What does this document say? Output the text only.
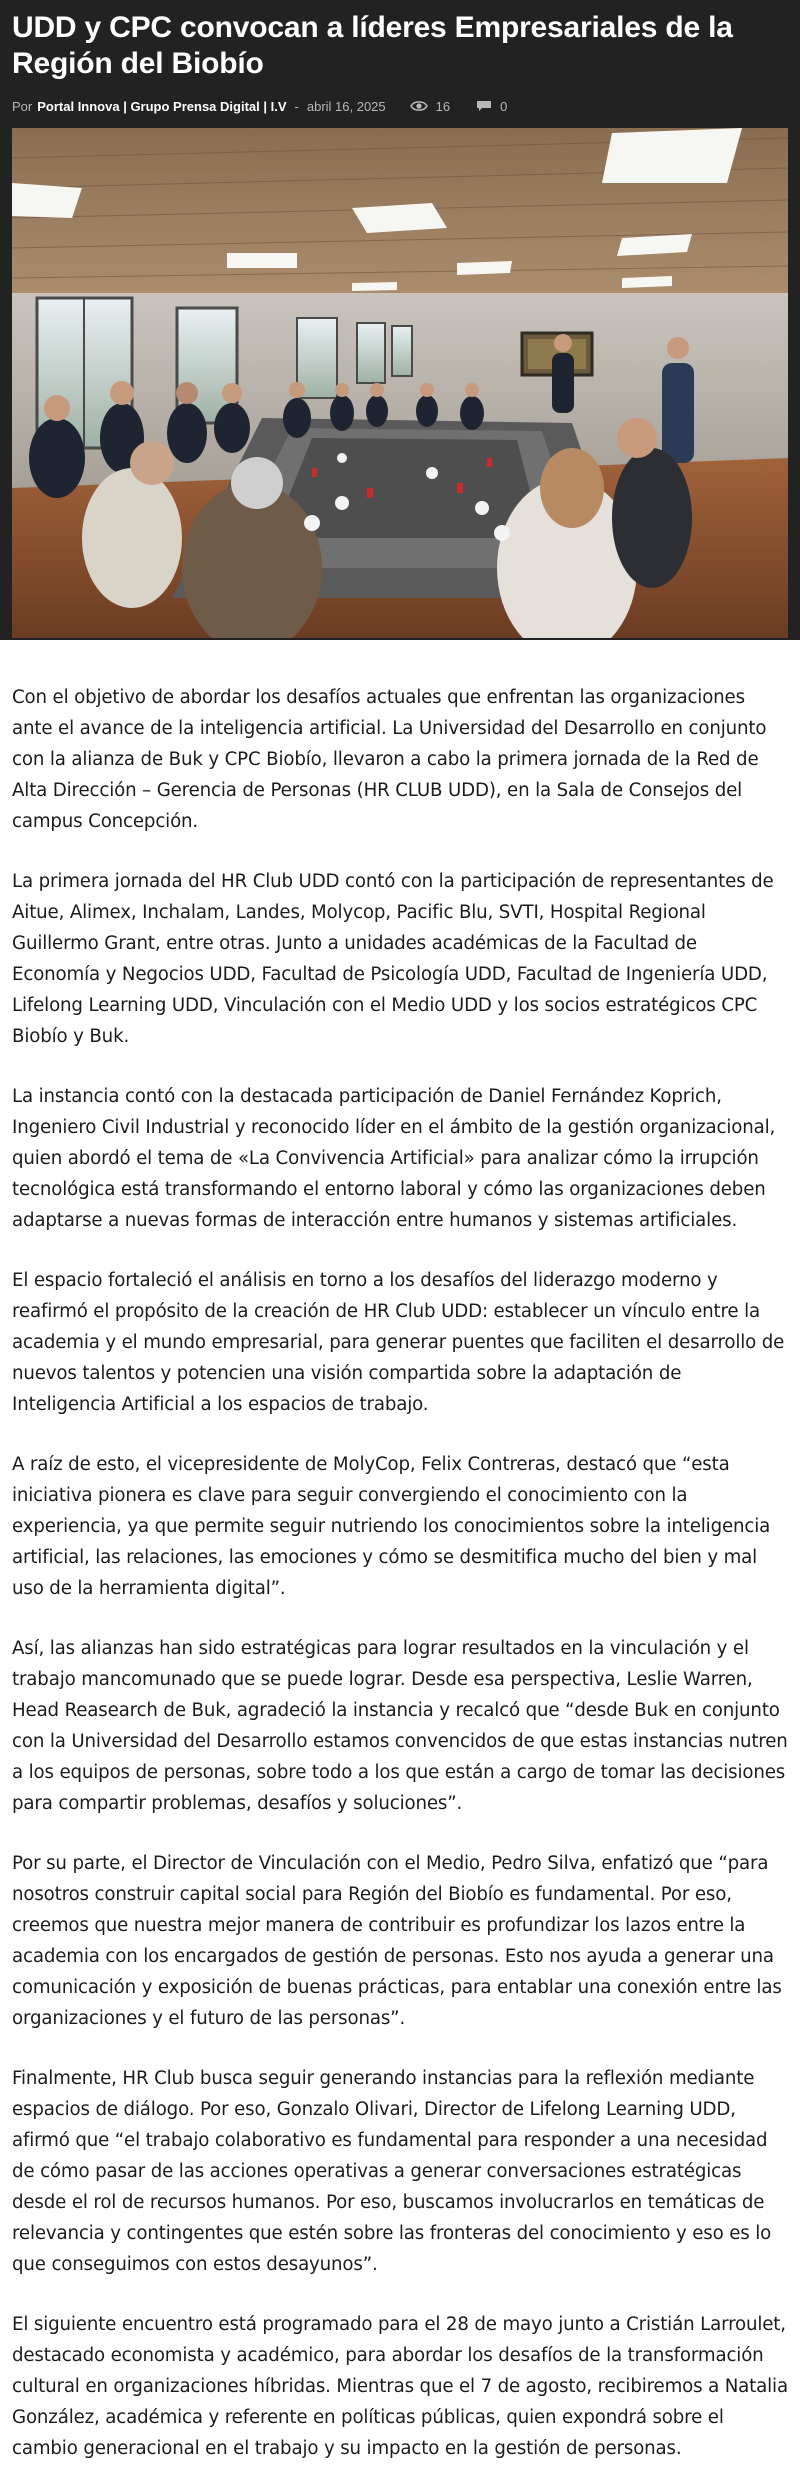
UDD y CPC convocan a líderes Empresariales de la Región del Biobío
Por Portal Innova | Grupo Prensa Digital | I.V - abril 16, 2025	16	0

Con el objetivo de abordar los desafíos actuales que enfrentan las organizaciones ante el avance de la inteligencia artificial. La Universidad del Desarrollo en conjunto con la alianza de Buk y CPC Biobío, llevaron a cabo la primera jornada de la Red de Alta Dirección – Gerencia de Personas (HR CLUB UDD), en la Sala de Consejos del campus Concepción.

La primera jornada del HR Club UDD contó con la participación de representantes de Aitue, Alimex, Inchalam, Landes, Molycop, Pacific Blu, SVTI, Hospital Regional Guillermo Grant, entre otras. Junto a unidades académicas de la Facultad de Economía y Negocios UDD, Facultad de Psicología UDD, Facultad de Ingeniería UDD, Lifelong Learning UDD, Vinculación con el Medio UDD y los socios estratégicos CPC Biobío y Buk.

La instancia contó con la destacada participación de Daniel Fernández Koprich, Ingeniero Civil Industrial y reconocido líder en el ámbito de la gestión organizacional, quien abordó el tema de «La Convivencia Artificial» para analizar cómo la irrupción tecnológica está transformando el entorno laboral y cómo las organizaciones deben adaptarse a nuevas formas de interacción entre humanos y sistemas artificiales.

El espacio fortaleció el análisis en torno a los desafíos del liderazgo moderno y reafirmó el propósito de la creación de HR Club UDD: establecer un vínculo entre la academia y el mundo empresarial, para generar puentes que faciliten el desarrollo de nuevos talentos y potencien una visión compartida sobre la adaptación de Inteligencia Artificial a los espacios de trabajo.

A raíz de esto, el vicepresidente de MolyCop, Felix Contreras, destacó que “esta iniciativa pionera es clave para seguir convergiendo el conocimiento con la experiencia, ya que permite seguir nutriendo los conocimientos sobre la inteligencia artificial, las relaciones, las emociones y cómo se desmitifica mucho del bien y mal uso de la herramienta digital”.

Así, las alianzas han sido estratégicas para lograr resultados en la vinculación y el trabajo mancomunado que se puede lograr. Desde esa perspectiva, Leslie Warren, Head Reasearch de Buk, agradeció la instancia y recalcó que “desde Buk en conjunto con la Universidad del Desarrollo estamos convencidos de que estas instancias nutren a los equipos de personas, sobre todo a los que están a cargo de tomar las decisiones para compartir problemas, desafíos y soluciones”.

Por su parte, el Director de Vinculación con el Medio, Pedro Silva, enfatizó que “para nosotros construir capital social para Región del Biobío es fundamental. Por eso, creemos que nuestra mejor manera de contribuir es profundizar los lazos entre la academia con los encargados de gestión de personas. Esto nos ayuda a generar una comunicación y exposición de buenas prácticas, para entablar una conexión entre las organizaciones y el futuro de las personas”.

Finalmente, HR Club busca seguir generando instancias para la reflexión mediante espacios de diálogo. Por eso, Gonzalo Olivari, Director de Lifelong Learning UDD, afirmó que “el trabajo colaborativo es fundamental para responder a una necesidad de cómo pasar de las acciones operativas a generar conversaciones estratégicas desde el rol de recursos humanos. Por eso, buscamos involucrarlos en temáticas de relevancia y contingentes que estén sobre las fronteras del conocimiento y eso es lo que conseguimos con estos desayunos”.

El siguiente encuentro está programado para el 28 de mayo junto a Cristián Larroulet, destacado economista y académico, para abordar los desafíos de la transformación cultural en organizaciones híbridas. Mientras que el 7 de agosto, recibiremos a Natalia González, académica y referente en políticas públicas, quien expondrá sobre el cambio generacional en el trabajo y su impacto en la gestión de personas.
